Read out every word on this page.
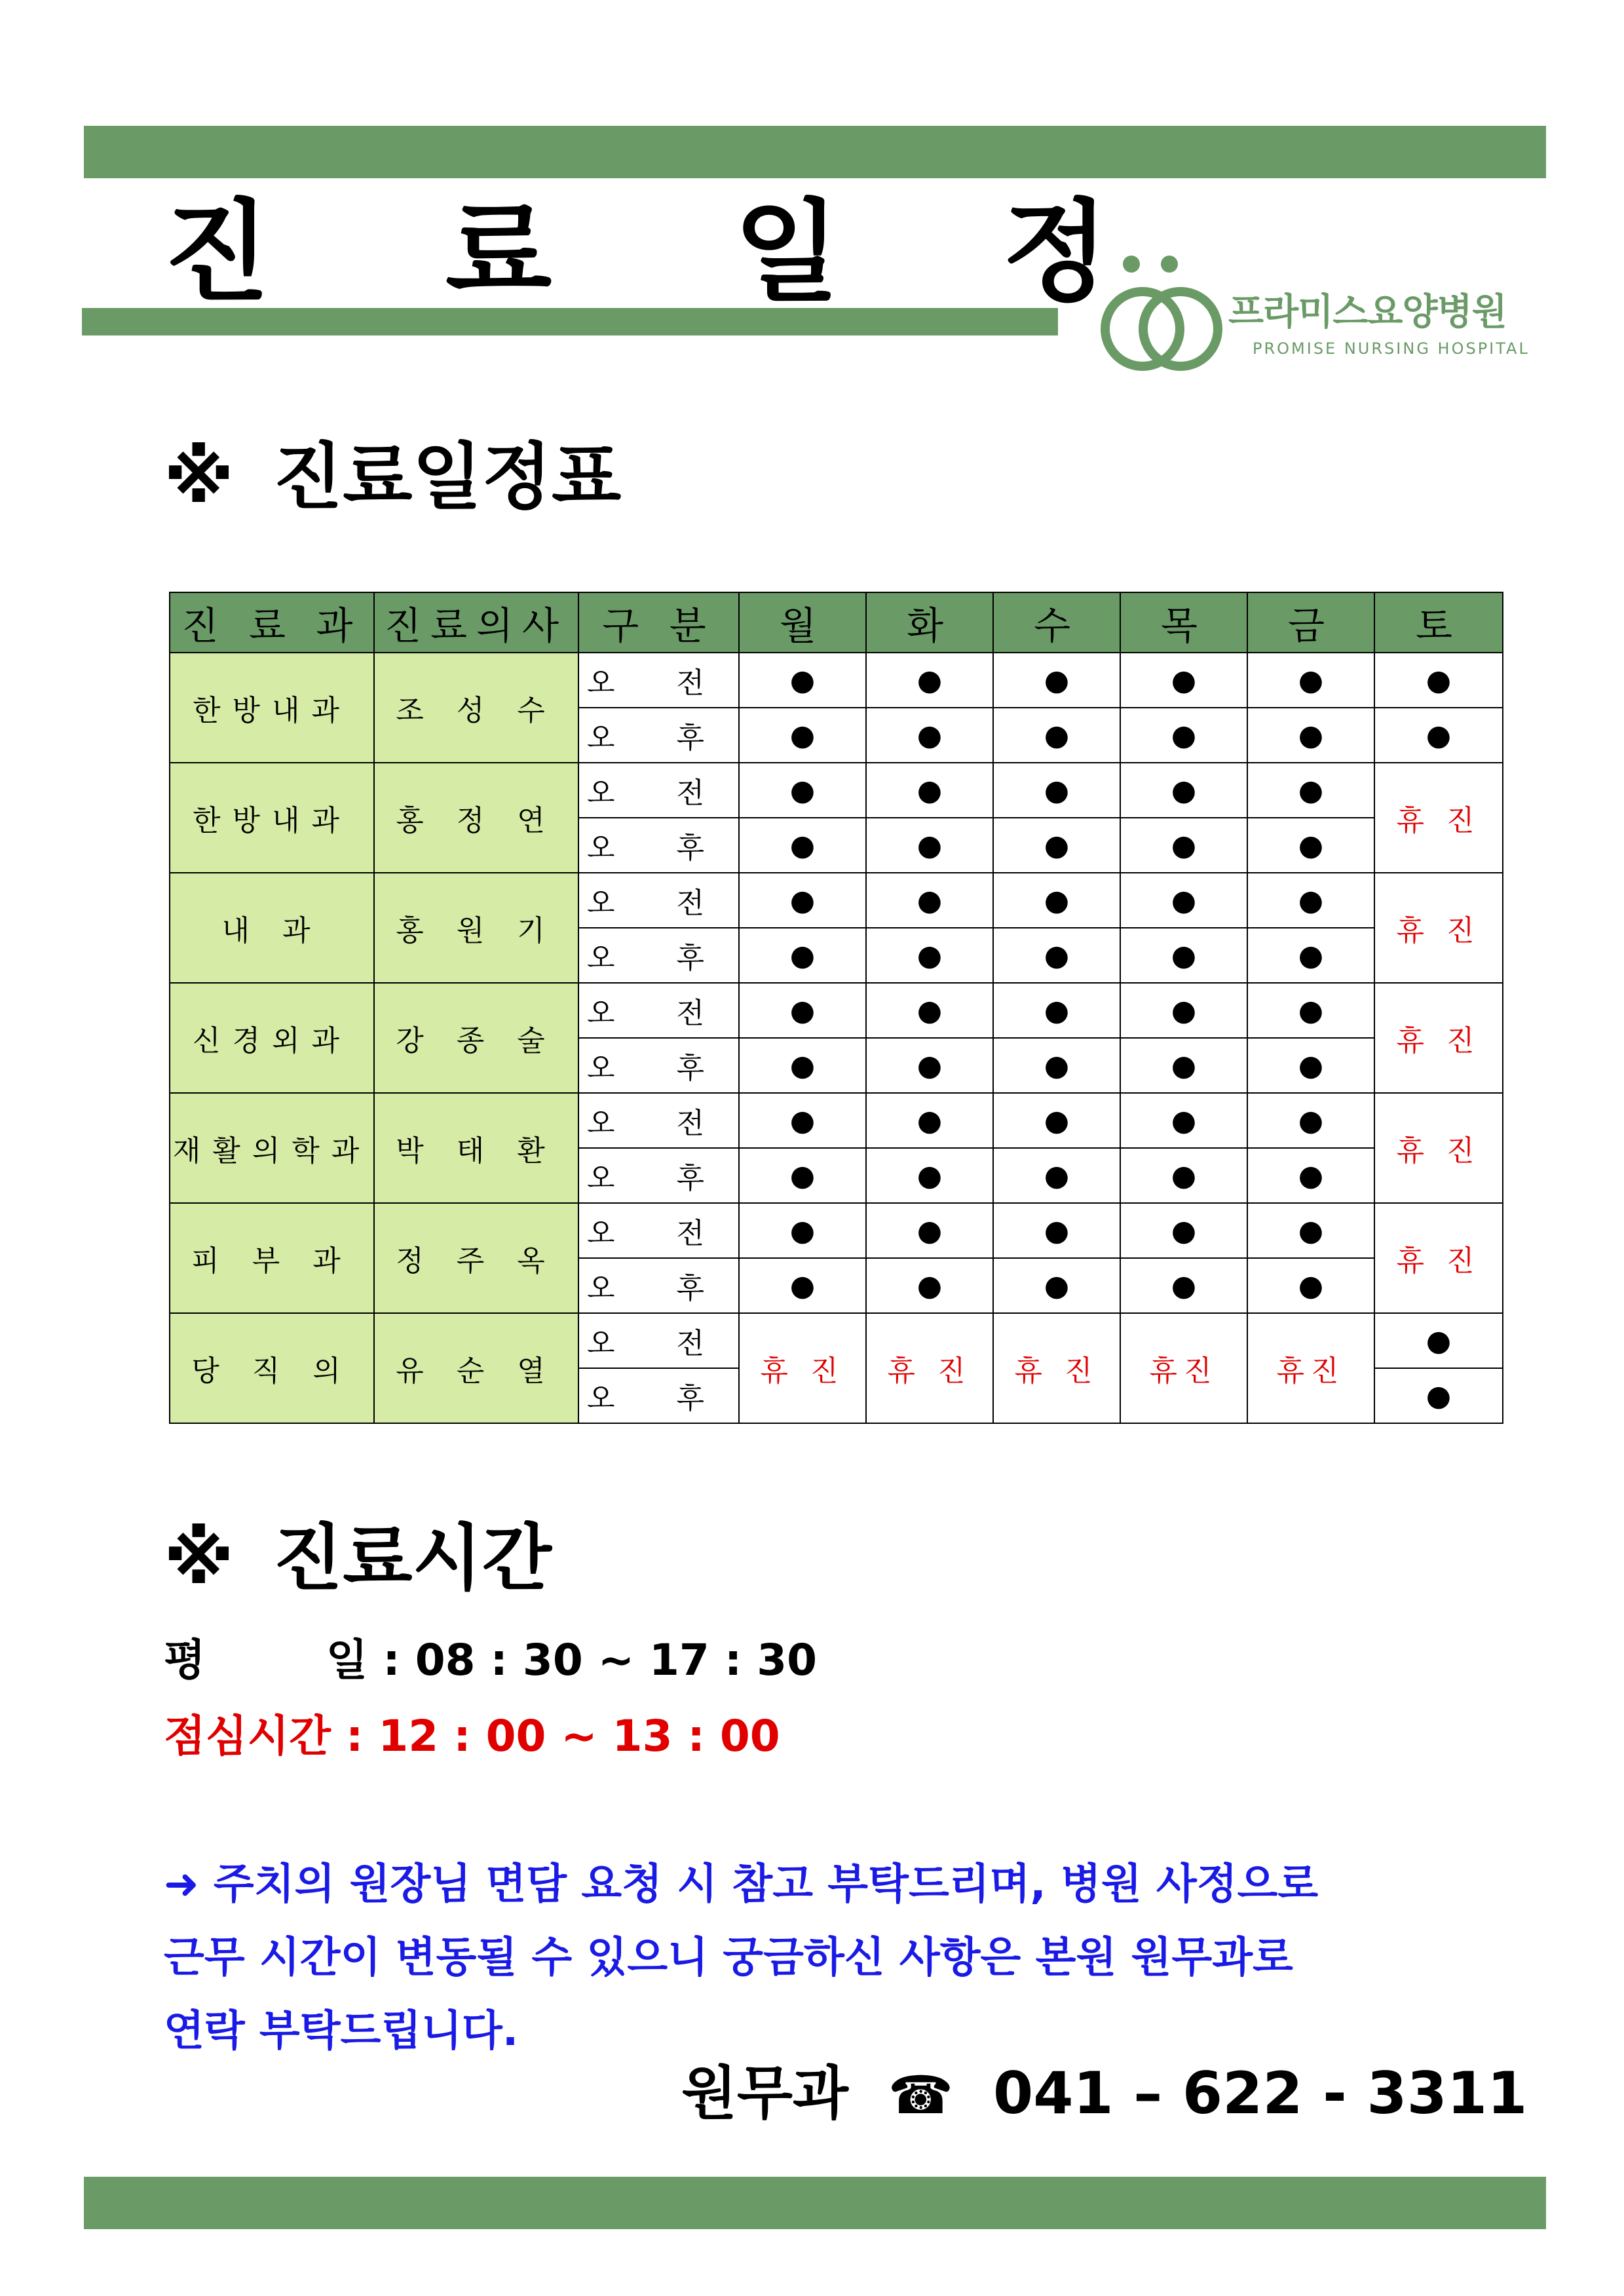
진 료 일 정	프라미스요양병원
PROMISE NURSING HOSPITAL
※ 진료일정표
진 료 과	진료의사	구 분	월	화	수	목	금	토
한방내과	조 성 수	오 전	●	●	●	●	●	●
		오 후	●	●	●	●	●	●
한방내과	홍 정 연	오 전	●	●	●	●	●	휴 진
		오 후	●	●	●	●	●	
내 과	홍 원 기	오 전	●	●	●	●	●	휴 진
		오 후	●	●	●	●	●	
신경외과	강 종 술	오 전	●	●	●	●	●	휴 진
		오 후	●	●	●	●	●	
재활의학과	박 태 환	오 전	●	●	●	●	●	휴 진
		오 후	●	●	●	●	●	
피 부 과	정 주 옥	오 전	●	●	●	●	●	휴 진
		오 후	●	●	●	●	●	
당 직 의	유 순 열	오 전	휴 진	휴 진	휴 진	휴진	휴진	●
		오 후						●
※ 진료시간
평        일 : 08 : 30 ~ 17 : 30
점심시간 : 12 : 00 ~ 13 : 00

➜ 주치의 원장님 면담 요청 시 참고 부탁드리며, 병원 사정으로

근무 시간이 변동될 수 있으니 궁금하신 사항은 본원 원무과로

연락 부탁드립니다.

원무과 ☎ 041 – 622 - 3311
